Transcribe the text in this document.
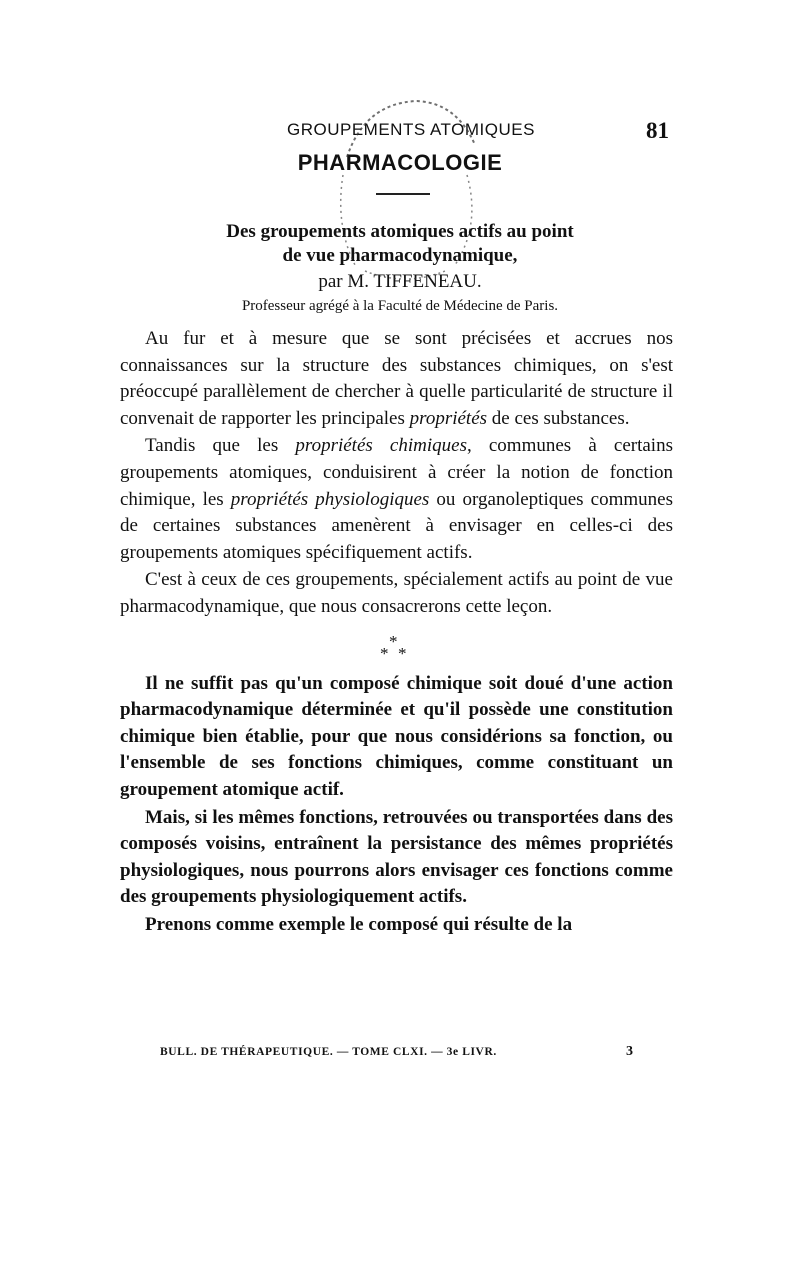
GROUPEMENTS ATOMIQUES	81
PHARMACOLOGIE
Des groupements atomiques actifs au point
de vue pharmacodynamique,
par M. TIFFENEAU.
Professeur agrégé à la Faculté de Médecine de Paris.

Au fur et à mesure que se sont précisées et accrues nos connaissances sur la structure des substances chimiques, on s'est préoccupé parallèlement de chercher à quelle particularité de structure il convenait de rapporter les principales propriétés de ces substances.

Tandis que les propriétés chimiques, communes à certains groupements atomiques, conduisirent à créer la notion de fonction chimique, les propriétés physiologiques ou organoleptiques communes de certaines substances amenèrent à envisager en celles-ci des groupements atomiques spécifiquement actifs.

C'est à ceux de ces groupements, spécialement actifs au point de vue pharmacodynamique, que nous consacrerons cette leçon.

*
* *

Il ne suffit pas qu'un composé chimique soit doué d'une action pharmacodynamique déterminée et qu'il possède une constitution chimique bien établie, pour que nous considérions sa fonction, ou l'ensemble de ses fonctions chimiques, comme constituant un groupement atomique actif.

Mais, si les mêmes fonctions, retrouvées ou transportées dans des composés voisins, entraînent la persistance des mêmes propriétés physiologiques, nous pourrons alors envisager ces fonctions comme des groupements physiologiquement actifs.

Prenons comme exemple le composé qui résulte de la

BULL. DE THÉRAPEUTIQUE. — TOME CLXI. — 3e LIVR.	3
